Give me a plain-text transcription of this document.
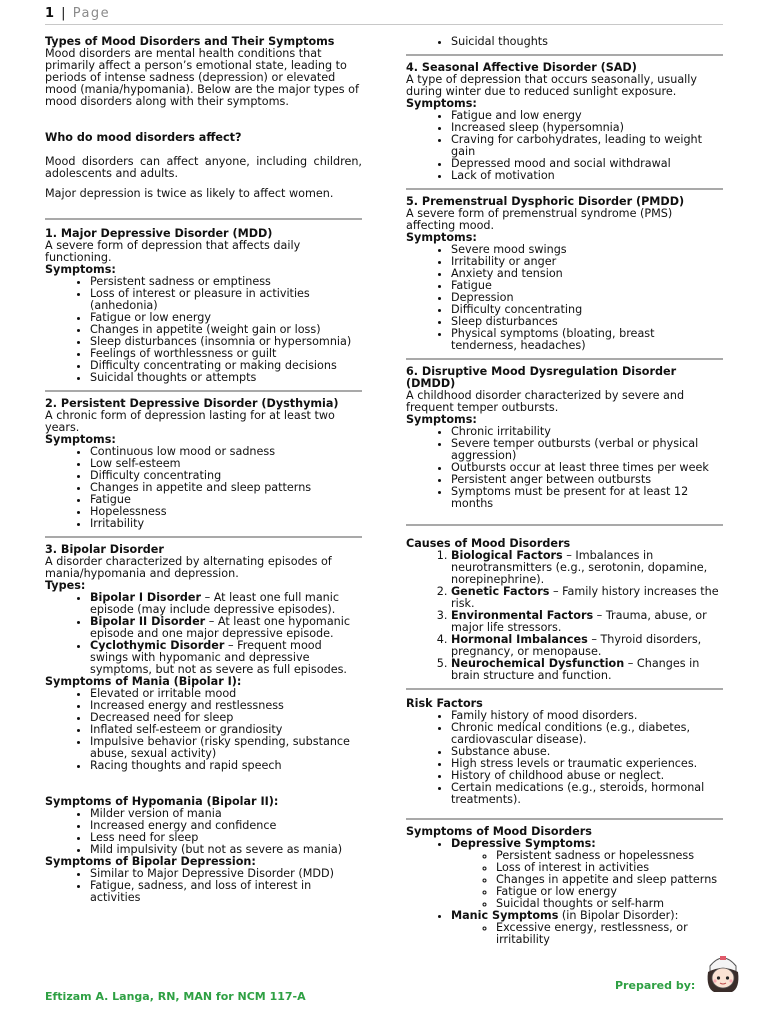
1 | Page

Types of Mood Disorders and Their Symptoms

Mood disorders are mental health conditions that primarily affect a person’s emotional state, leading to periods of intense sadness (depression) or elevated mood (mania/hypomania). Below are the major types of mood disorders along with their symptoms.

Who do mood disorders affect?

Mood disorders can affect anyone, including children, adolescents and adults.

Major depression is twice as likely to affect women.

1. Major Depressive Disorder (MDD)

A severe form of depression that affects daily functioning.

Symptoms:

• Persistent sadness or emptiness
• Loss of interest or pleasure in activities (anhedonia)
• Fatigue or low energy
• Changes in appetite (weight gain or loss)
• Sleep disturbances (insomnia or hypersomnia)
• Feelings of worthlessness or guilt
• Difficulty concentrating or making decisions
• Suicidal thoughts or attempts

2. Persistent Depressive Disorder (Dysthymia)

A chronic form of depression lasting for at least two years.

Symptoms:

• Continuous low mood or sadness
• Low self-esteem
• Difficulty concentrating
• Changes in appetite and sleep patterns
• Fatigue
• Hopelessness
• Irritability

3. Bipolar Disorder

A disorder characterized by alternating episodes of mania/hypomania and depression.

Types:

• Bipolar I Disorder – At least one full manic episode (may include depressive episodes).
• Bipolar II Disorder – At least one hypomanic episode and one major depressive episode.
• Cyclothymic Disorder – Frequent mood swings with hypomanic and depressive symptoms, but not as severe as full episodes.

Symptoms of Mania (Bipolar I):

• Elevated or irritable mood
• Increased energy and restlessness
• Decreased need for sleep
• Inflated self-esteem or grandiosity
• Impulsive behavior (risky spending, substance abuse, sexual activity)
• Racing thoughts and rapid speech

Symptoms of Hypomania (Bipolar II):

• Milder version of mania
• Increased energy and confidence
• Less need for sleep
• Mild impulsivity (but not as severe as mania)

Symptoms of Bipolar Depression:

• Similar to Major Depressive Disorder (MDD)
• Fatigue, sadness, and loss of interest in activities
• Suicidal thoughts

4. Seasonal Affective Disorder (SAD)

A type of depression that occurs seasonally, usually during winter due to reduced sunlight exposure.

Symptoms:

• Fatigue and low energy
• Increased sleep (hypersomnia)
• Craving for carbohydrates, leading to weight gain
• Depressed mood and social withdrawal
• Lack of motivation

5. Premenstrual Dysphoric Disorder (PMDD)

A severe form of premenstrual syndrome (PMS) affecting mood.

Symptoms:

• Severe mood swings
• Irritability or anger
• Anxiety and tension
• Fatigue
• Depression
• Difficulty concentrating
• Sleep disturbances
• Physical symptoms (bloating, breast tenderness, headaches)

6. Disruptive Mood Dysregulation Disorder (DMDD)

A childhood disorder characterized by severe and frequent temper outbursts.

Symptoms:

• Chronic irritability
• Severe temper outbursts (verbal or physical aggression)
• Outbursts occur at least three times per week
• Persistent anger between outbursts
• Symptoms must be present for at least 12 months

Causes of Mood Disorders

1. Biological Factors – Imbalances in neurotransmitters (e.g., serotonin, dopamine, norepinephrine).
2. Genetic Factors – Family history increases the risk.
3. Environmental Factors – Trauma, abuse, or major life stressors.
4. Hormonal Imbalances – Thyroid disorders, pregnancy, or menopause.
5. Neurochemical Dysfunction – Changes in brain structure and function.

Risk Factors

• Family history of mood disorders.
• Chronic medical conditions (e.g., diabetes, cardiovascular disease).
• Substance abuse.
• High stress levels or traumatic experiences.
• History of childhood abuse or neglect.
• Certain medications (e.g., steroids, hormonal treatments).

Symptoms of Mood Disorders

• Depressive Symptoms:
◦ Persistent sadness or hopelessness
◦ Loss of interest in activities
◦ Changes in appetite and sleep patterns
◦ Fatigue or low energy
◦ Suicidal thoughts or self-harm
• Manic Symptoms (in Bipolar Disorder):
◦ Excessive energy, restlessness, or irritability
Eftizam A. Langa, RN, MAN for NCM 117-A
Prepared by:
